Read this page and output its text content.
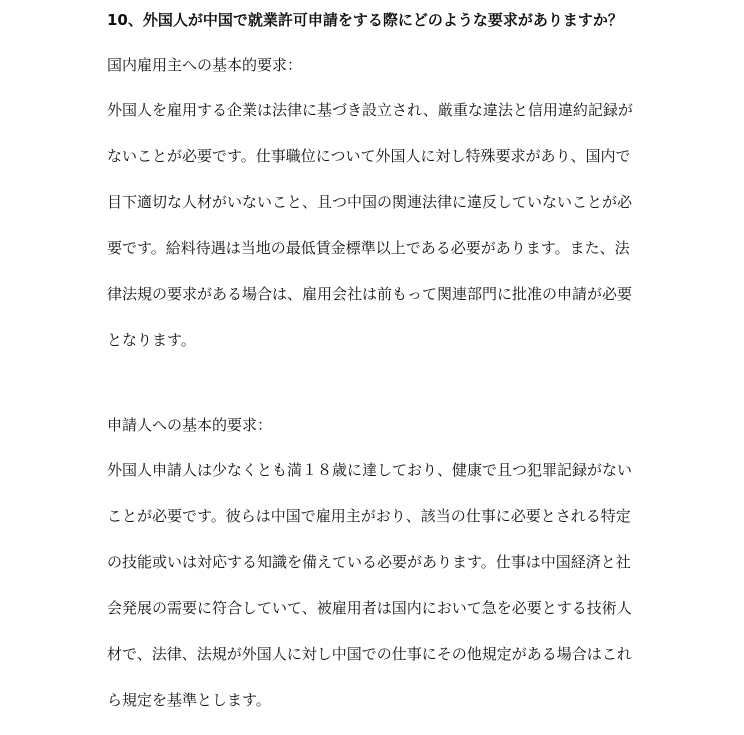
10、外国人が中国で就業許可申請をする際にどのような要求がありますか？

国内雇用主への基本的要求：

外国人を雇用する企業は法律に基づき設立され、厳重な違法と信用違約記録が
ないことが必要です。仕事職位について外国人に対し特殊要求があり、国内で
目下適切な人材がいないこと、且つ中国の関連法律に違反していないことが必
要です。給料待遇は当地の最低賃金標準以上である必要があります。また、法
律法規の要求がある場合は、雇用会社は前もって関連部門に批准の申請が必要
となります。

申請人への基本的要求：

外国人申請人は少なくとも満１８歳に達しており、健康で且つ犯罪記録がない
ことが必要です。彼らは中国で雇用主がおり、該当の仕事に必要とされる特定
の技能或いは対応する知識を備えている必要があります。仕事は中国経済と社
会発展の需要に符合していて、被雇用者は国内において急を必要とする技術人
材で、法律、法規が外国人に対し中国での仕事にその他規定がある場合はこれ
ら規定を基準とします。
